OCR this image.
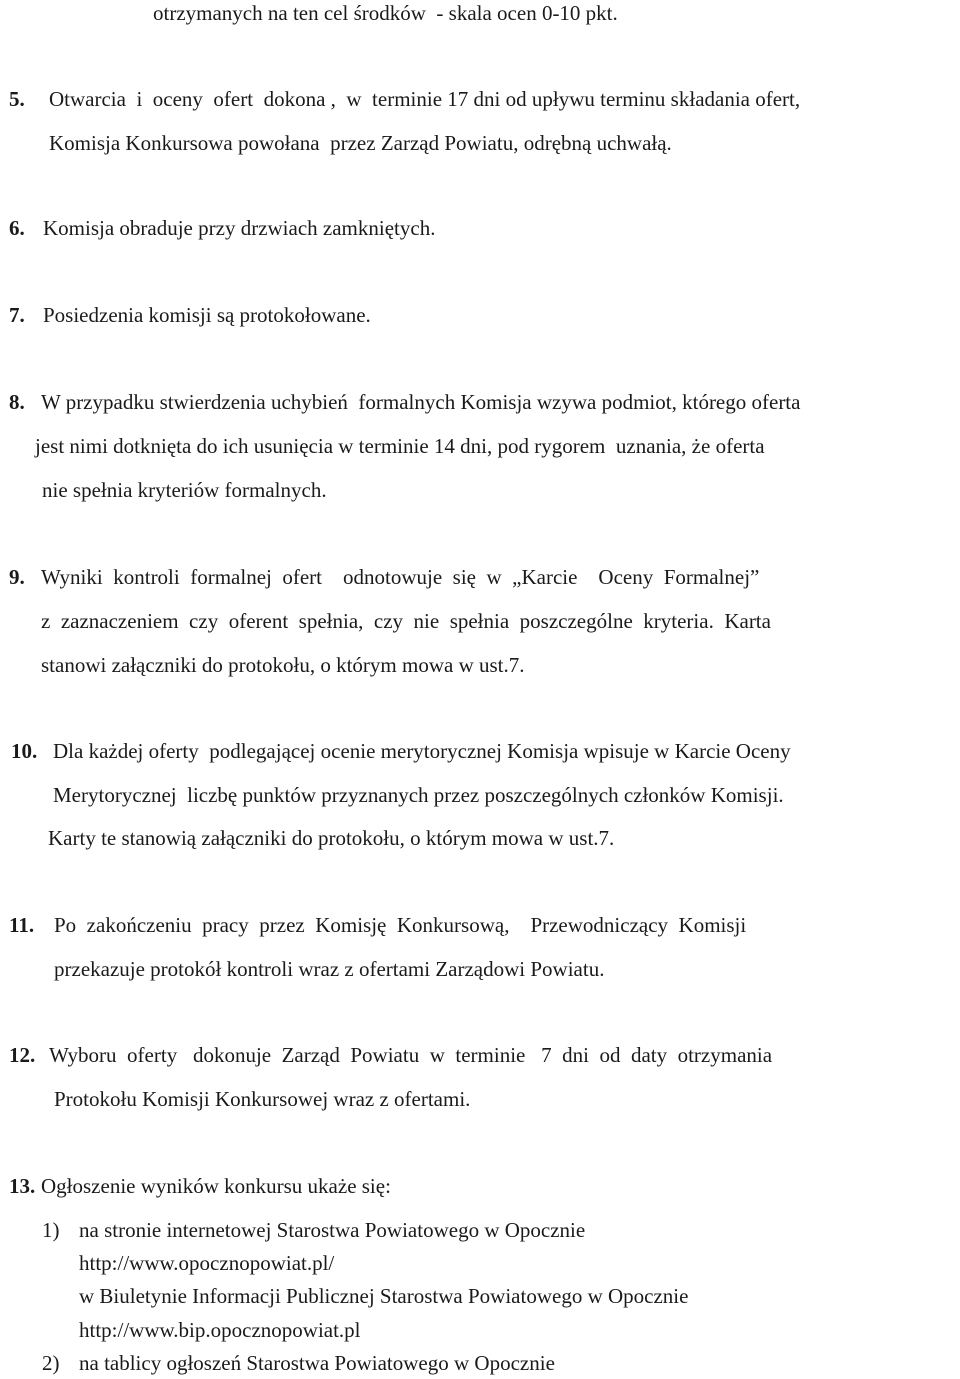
otrzymanych na ten cel środków  - skala ocen 0-10 pkt.
5. Otwarcia  i  oceny  ofert  dokona ,  w  terminie 17 dni od upływu terminu składania ofert,
Komisja Konkursowa powołana  przez Zarząd Powiatu, odrębną uchwałą.
6. Komisja obraduje przy drzwiach zamkniętych.
7. Posiedzenia komisji są protokołowane.
8. W przypadku stwierdzenia uchybień  formalnych Komisja wzywa podmiot, którego oferta
jest nimi dotknięta do ich usunięcia w terminie 14 dni, pod rygorem  uznania, że oferta
nie spełnia kryteriów formalnych.
9. Wyniki  kontroli  formalnej  ofert    odnotowuje  się  w  „Karcie    Oceny  Formalnej”
z  zaznaczeniem  czy  oferent  spełnia,  czy  nie  spełnia  poszczególne  kryteria.  Karta
stanowi załączniki do protokołu, o którym mowa w ust.7.
10. Dla każdej oferty  podlegającej ocenie merytorycznej Komisja wpisuje w Karcie Oceny
Merytorycznej  liczbę punktów przyznanych przez poszczególnych członków Komisji.
Karty te stanowią załączniki do protokołu, o którym mowa w ust.7.
11. Po  zakończeniu  pracy  przez  Komisję  Konkursową,    Przewodniczący  Komisji
przekazuje protokół kontroli wraz z ofertami Zarządowi Powiatu.
12. Wyboru  oferty   dokonuje  Zarząd  Powiatu  w  terminie   7  dni  od  daty  otrzymania
Protokołu Komisji Konkursowej wraz z ofertami.
13. Ogłoszenie wyników konkursu ukaże się:
1) na stronie internetowej Starostwa Powiatowego w Opocznie
http://www.opocznopowiat.pl/
w Biuletynie Informacji Publicznej Starostwa Powiatowego w Opocznie
http://www.bip.opocznopowiat.pl
2) na tablicy ogłoszeń Starostwa Powiatowego w Opocznie
